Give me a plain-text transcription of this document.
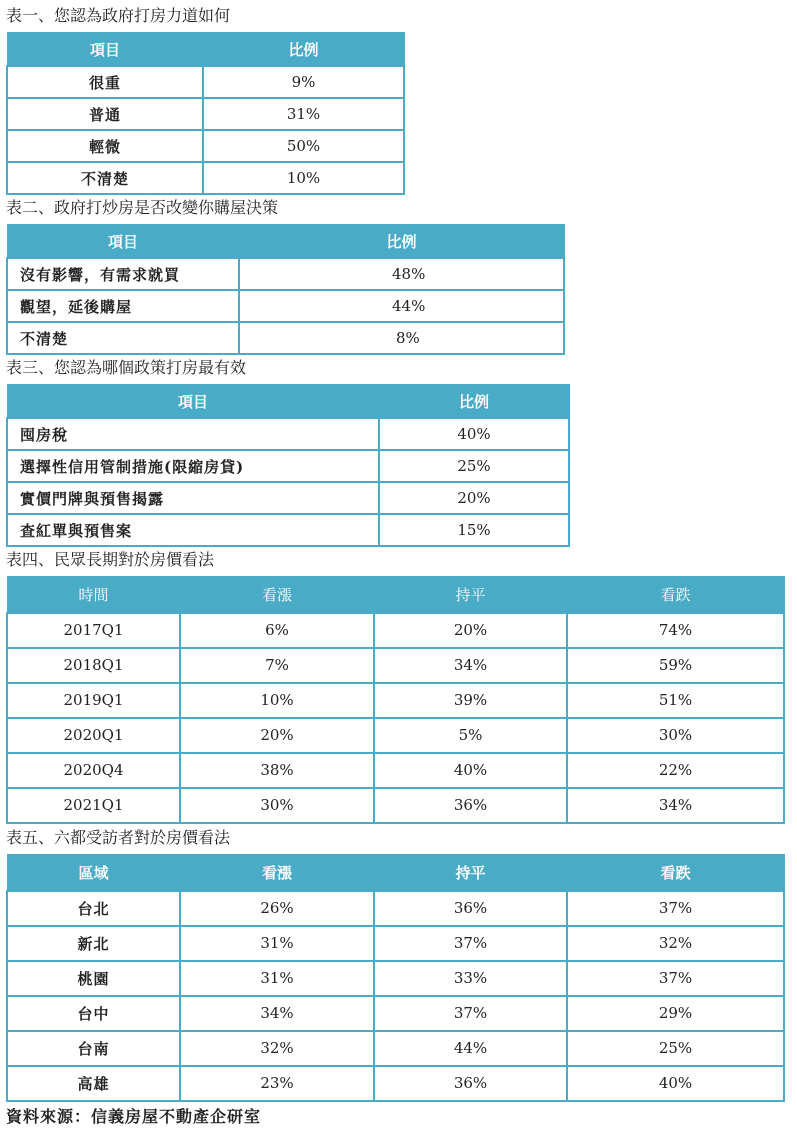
表一、您認為政府打房力道如何
項目	比例
很重	9%
普通	31%
輕微	50%
不清楚	10%
表二、政府打炒房是否改變你購屋決策
項目	比例
沒有影響，有需求就買	48%
觀望，延後購屋	44%
不清楚	8%
表三、您認為哪個政策打房最有效
項目	比例
囤房稅	40%
選擇性信用管制措施(限縮房貸)	25%
實價門牌與預售揭露	20%
查紅單與預售案	15%
表四、民眾長期對於房價看法
時間	看漲	持平	看跌
2017Q1	6%	20%	74%
2018Q1	7%	34%	59%
2019Q1	10%	39%	51%
2020Q1	20%	5%	30%
2020Q4	38%	40%	22%
2021Q1	30%	36%	34%
表五、六都受訪者對於房價看法
區域	看漲	持平	看跌
台北	26%	36%	37%
新北	31%	37%	32%
桃園	31%	33%	37%
台中	34%	37%	29%
台南	32%	44%	25%
高雄	23%	36%	40%
資料來源：信義房屋不動產企研室
